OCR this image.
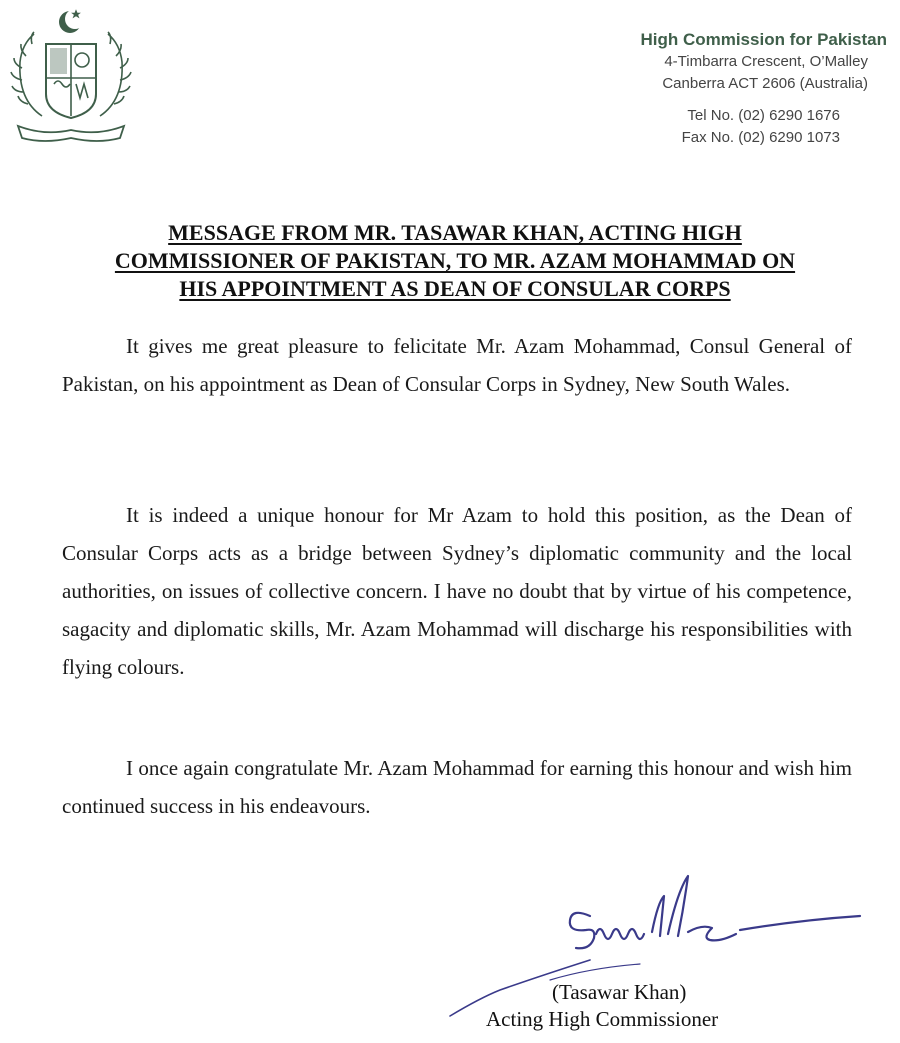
High Commission for Pakistan
4-Timbarra Crescent, O’Malley
Canberra ACT 2606 (Australia)
Tel No. (02) 6290 1676
Fax No. (02) 6290 1073
MESSAGE FROM MR. TASAWAR KHAN, ACTING HIGH
COMMISSIONER OF PAKISTAN, TO MR. AZAM MOHAMMAD ON
HIS APPOINTMENT AS DEAN OF CONSULAR CORPS
It gives me great pleasure to felicitate Mr. Azam Mohammad, Consul General of Pakistan, on his appointment as Dean of Consular Corps in Sydney, New South Wales.
It is indeed a unique honour for Mr Azam to hold this position, as the Dean of Consular Corps acts as a bridge between Sydney’s diplomatic community and the local authorities, on issues of collective concern. I have no doubt that by virtue of his competence, sagacity and diplomatic skills, Mr. Azam Mohammad will discharge his responsibilities with flying colours.
I once again congratulate Mr. Azam Mohammad for earning this honour and wish him continued success in his endeavours.
(Tasawar Khan)
Acting High Commissioner
